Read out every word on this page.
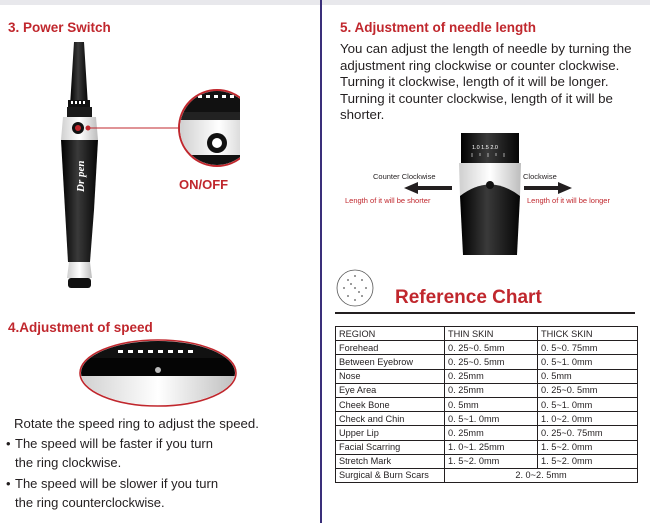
3. Power Switch
Dr pen	ON/OFF
4.Adjustment of speed
Rotate the speed ring to adjust the speed.
• The speed will be faster if you turn
the ring clockwise.
• The speed will be slower if you turn
the ring counterclockwise.
5. Adjustment of needle length
You can adjust the length of needle by turning the adjustment ring clockwise or counter clockwise. Turning it clockwise, length of it will be longer. Turning it counter clockwise, length of it will be shorter.
1.0 1.5 2.0
Counter Clockwise
Length of it will be shorter
Clockwise
Length of it will be longer
Reference Chart
REGION	THIN SKIN	THICK SKIN
Forehead	0. 25~0. 5mm	0. 5~0. 75mm
Between Eyebrow	0. 25~0. 5mm	0. 5~1. 0mm
Nose	0. 25mm	0. 5mm
Eye Area	0. 25mm	0. 25~0. 5mm
Cheek Bone	0. 5mm	0. 5~1. 0mm
Check and Chin	0. 5~1. 0mm	1. 0~2. 0mm
Upper Lip	0. 25mm	0. 25~0. 75mm
Facial Scarring	1. 0~1. 25mm	1. 5~2. 0mm
Stretch Mark	1. 5~2. 0mm	1. 5~2. 0mm
Surgical & Burn Scars	2. 0~2. 5mm	
